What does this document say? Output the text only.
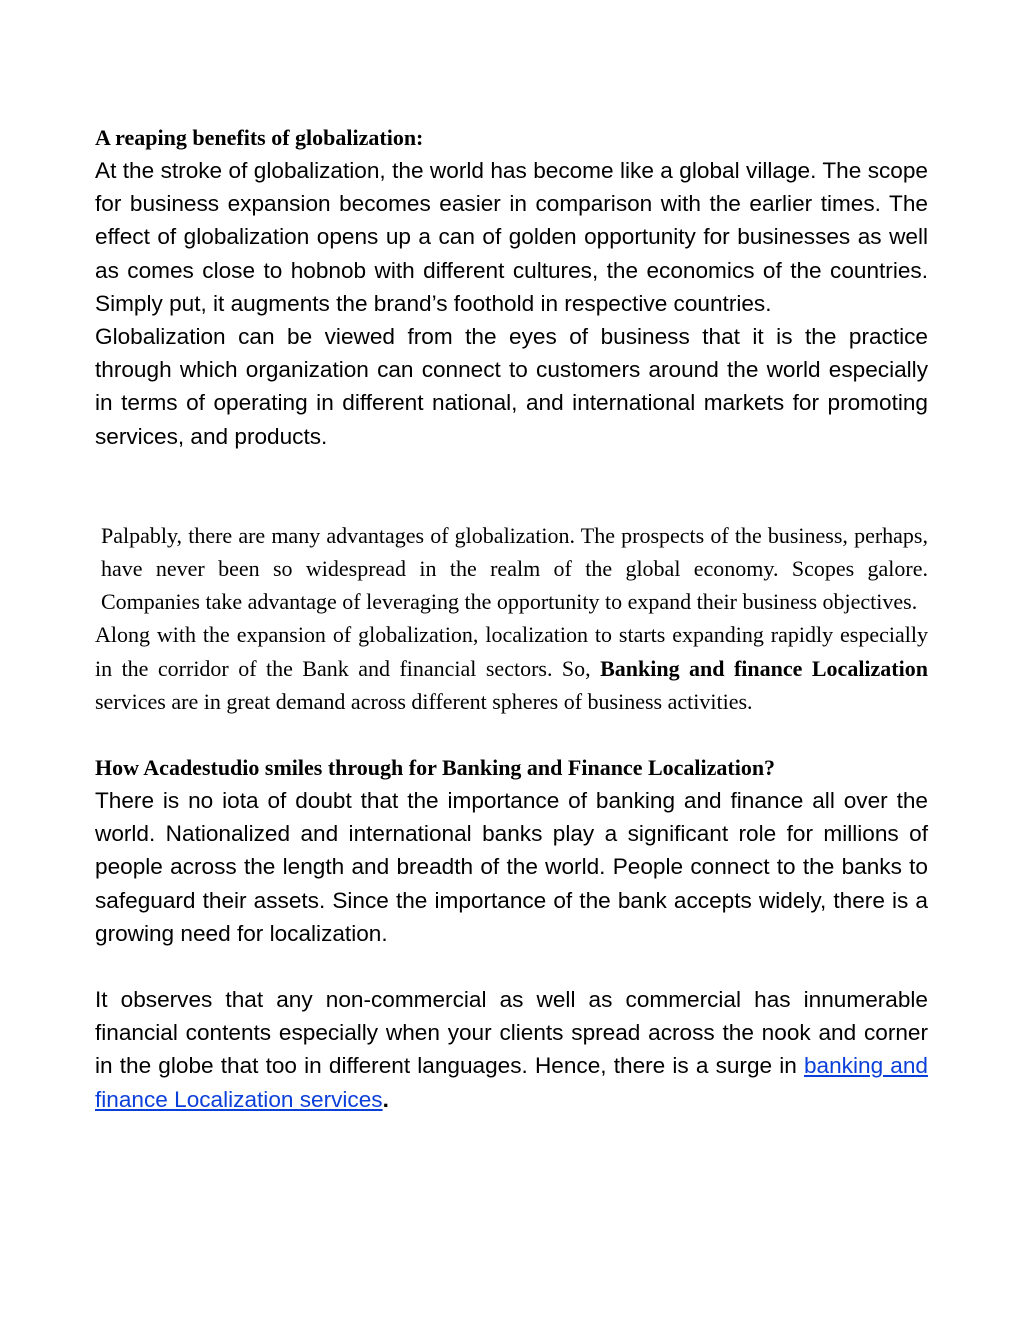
A reaping benefits of globalization:

At the stroke of globalization, the world has become like a global village. The scope for business expansion becomes easier in comparison with the earlier times. The effect of globalization opens up a can of golden opportunity for businesses as well as comes close to hobnob with different cultures, the economics of the countries. Simply put, it augments the brand’s foothold in respective countries.

Globalization can be viewed from the eyes of business that it is the practice through which organization can connect to customers around the world especially in terms of operating in different national, and international markets for promoting services, and products.

Palpably, there are many advantages of globalization. The prospects of the business, perhaps, have never been so widespread in the realm of the global economy. Scopes galore. Companies take advantage of leveraging the opportunity to expand their business objectives.

Along with the expansion of globalization, localization to starts expanding rapidly especially in the corridor of the Bank and financial sectors. So, Banking and finance Localization services are in great demand across different spheres of business activities.

How Acadestudio smiles through for Banking and Finance Localization?

There is no iota of doubt that the importance of banking and finance all over the world. Nationalized and international banks play a significant role for millions of people across the length and breadth of the world. People connect to the banks to safeguard their assets. Since the importance of the bank accepts widely, there is a growing need for localization.

It observes that any non-commercial as well as commercial has innumerable financial contents especially when your clients spread across the nook and corner in the globe that too in different languages. Hence, there is a surge in banking and finance Localization services.
